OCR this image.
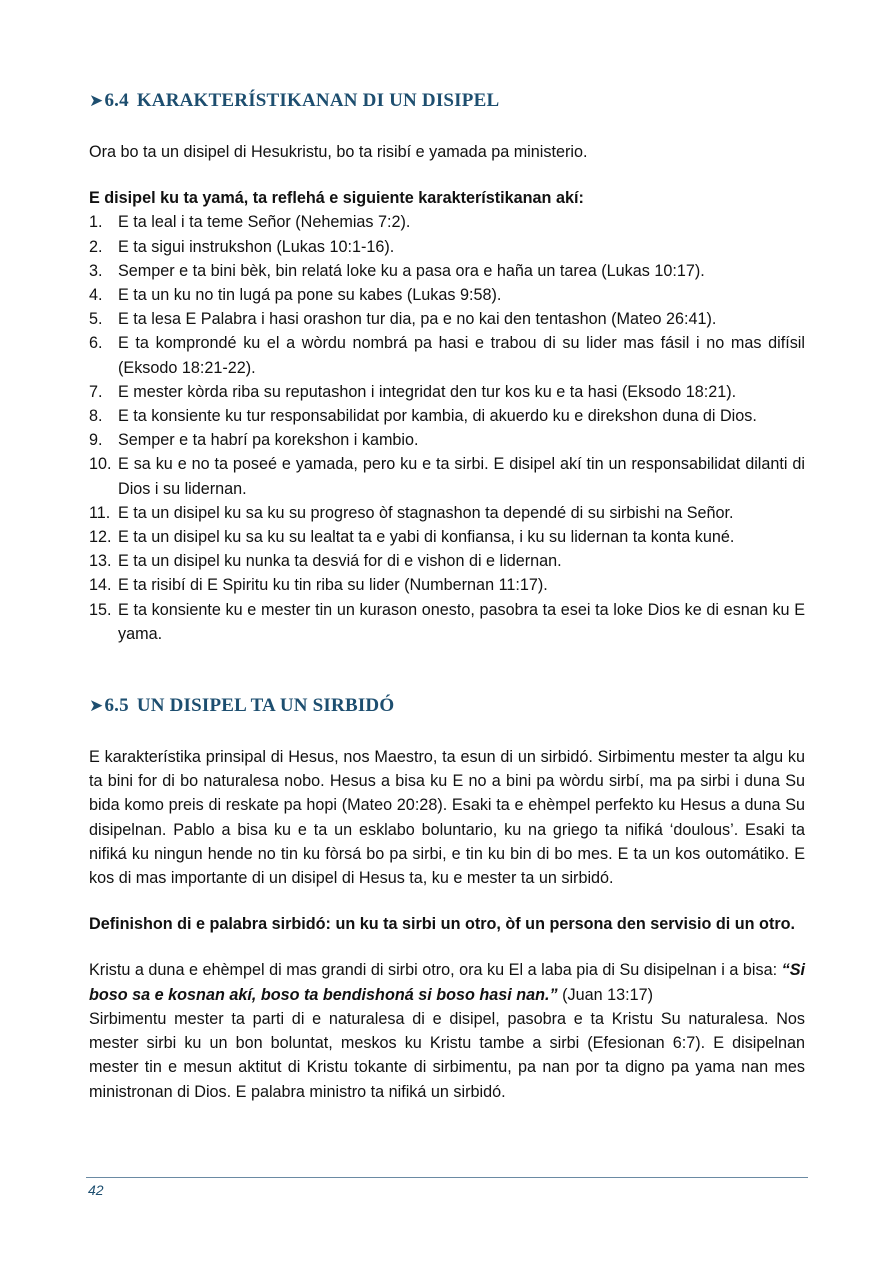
➤6.4 KARAKTERÍSTIKANAN DI UN DISIPEL

Ora bo ta un disipel di Hesukristu, bo ta risibí e yamada pa ministerio.

E disipel ku ta yamá, ta reflehá e siguiente karakterístikanan akí:

1. E ta leal i ta teme Señor (Nehemias 7:2).
2. E ta sigui instrukshon (Lukas 10:1-16).
3. Semper e ta bini bèk, bin relatá loke ku a pasa ora e haña un tarea (Lukas 10:17).
4. E ta un ku no tin lugá pa pone su kabes (Lukas 9:58).
5. E ta lesa E Palabra i hasi orashon tur dia, pa e no kai den tentashon (Mateo 26:41).
6. E ta komprondé ku el a wòrdu nombrá pa hasi e trabou di su lider mas fásil i no mas difísil (Eksodo 18:21-22).
7. E mester kòrda riba su reputashon i integridat den tur kos ku e ta hasi (Eksodo 18:21).
8. E ta konsiente ku tur responsabilidat por kambia, di akuerdo ku e direkshon duna di Dios.
9. Semper e ta habrí pa korekshon i kambio.
10. E sa ku e no ta poseé e yamada, pero ku e ta sirbi. E disipel akí tin un responsabilidat dilanti di Dios i su lidernan.
11. E ta un disipel ku sa ku su progreso òf stagnashon ta dependé di su sirbishi na Señor.
12. E ta un disipel ku sa ku su lealtat ta e yabi di konfiansa, i ku su lidernan ta konta kuné.
13. E ta un disipel ku nunka ta desviá for di e vishon di e lidernan.
14. E ta risibí di E Spiritu ku tin riba su lider (Numbernan 11:17).
15. E ta konsiente ku e mester tin un kurason onesto, pasobra ta esei ta loke Dios ke di esnan ku E yama.
➤6.5 UN DISIPEL TA UN SIRBIDÓ

E karakterístika prinsipal di Hesus, nos Maestro, ta esun di un sirbidó. Sirbimentu mester ta algu ku ta bini for di bo naturalesa nobo. Hesus a bisa ku E no a bini pa wòrdu sirbí, ma pa sirbi i duna Su bida komo preis di reskate pa hopi (Mateo 20:28). Esaki ta e ehèmpel perfekto ku Hesus a duna Su disipelnan. Pablo a bisa ku e ta un esklabo boluntario, ku na griego ta nifiká ‘doulous’. Esaki ta nifiká ku ningun hende no tin ku fòrsá bo pa sirbi, e tin ku bin di bo mes. E ta un kos outomátiko. E kos di mas importante di un disipel di Hesus ta, ku e mester ta un sirbidó.

Definishon di e palabra sirbidó: un ku ta sirbi un otro, òf un persona den servisio di un otro.

Kristu a duna e ehèmpel di mas grandi di sirbi otro, ora ku El a laba pia di Su disipelnan i a bisa: “Si boso sa e kosnan akí, boso ta bendishoná si boso hasi nan.” (Juan 13:17)

Sirbimentu mester ta parti di e naturalesa di e disipel, pasobra e ta Kristu Su naturalesa. Nos mester sirbi ku un bon boluntat, meskos ku Kristu tambe a sirbi (Efesionan 6:7). E disipelnan mester tin e mesun aktitut di Kristu tokante di sirbimentu, pa nan por ta digno pa yama nan mes ministronan di Dios. E palabra ministro ta nifiká un sirbidó.

42
